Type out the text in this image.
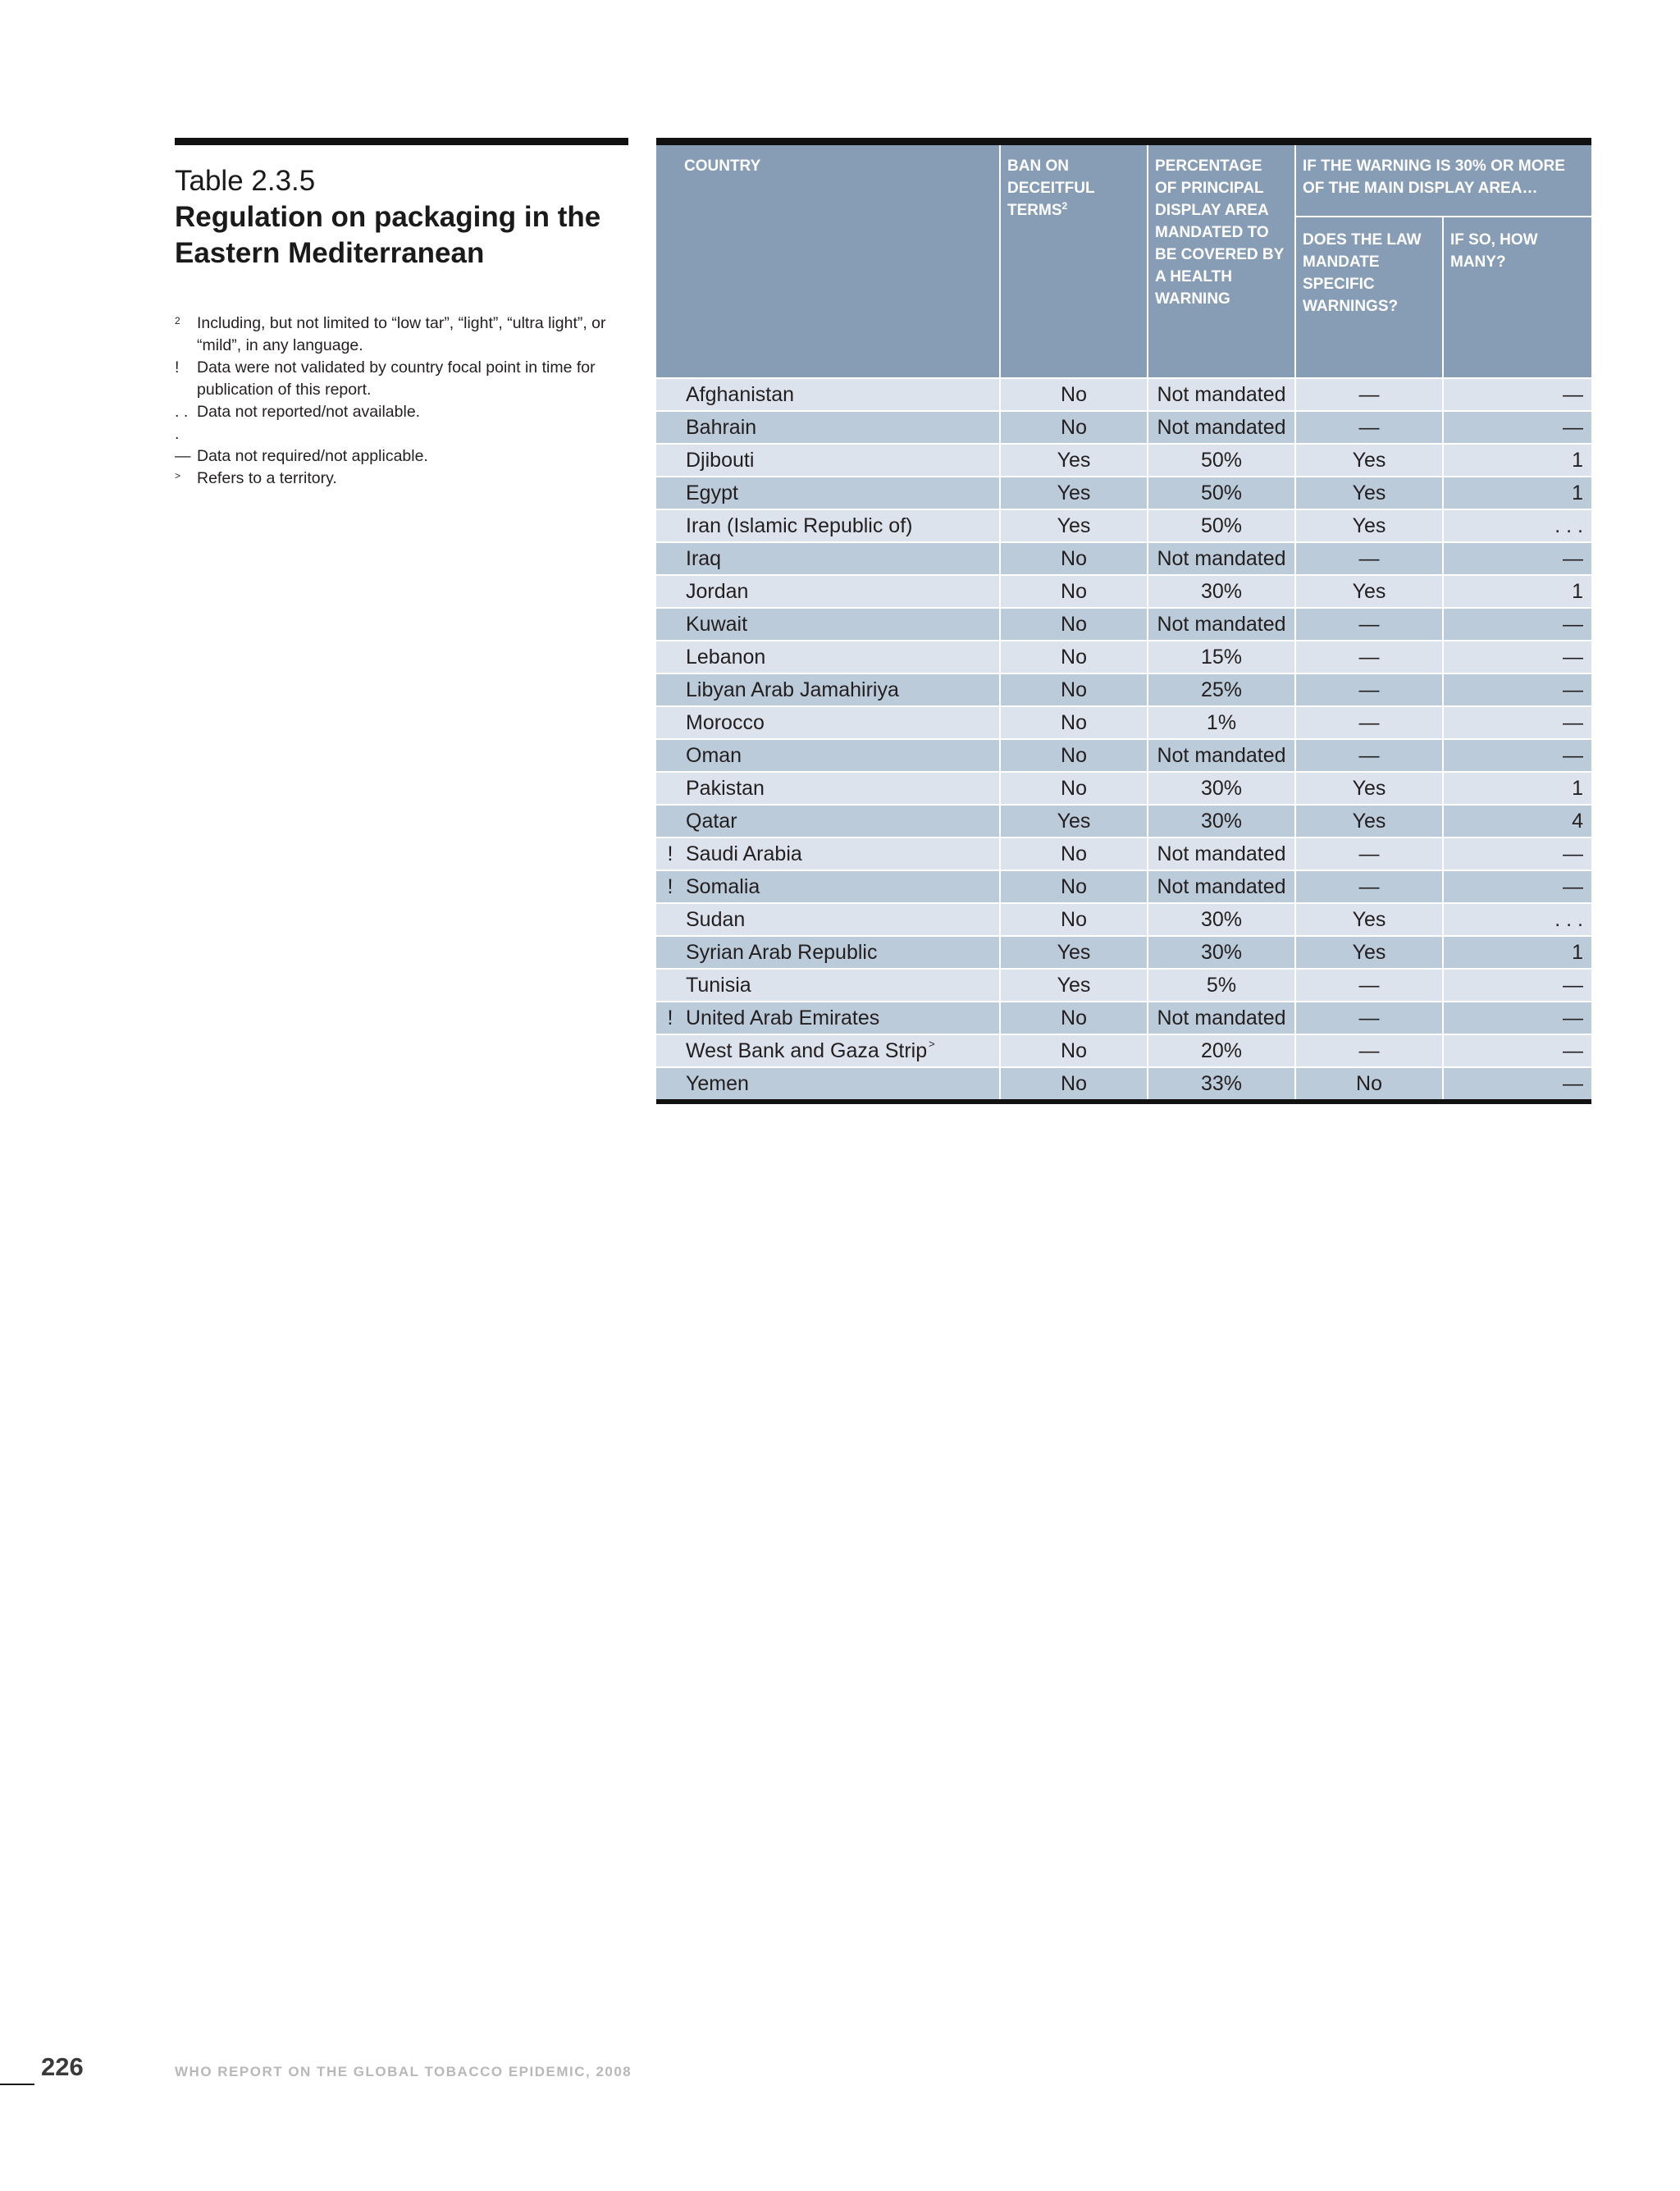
Table 2.3.5
Regulation on packaging in the
Eastern Mediterranean
2	Including, but not limited to “low tar”, “light”, “ultra light”, or “mild”, in any language.
!	Data were not validated by country focal point in time for publication of this report.
. . .
Data not reported/not available.
— Data not required/not applicable.
>	Refers to a territory.
COUNTRY		BAN ON DECEITFUL TERMS$^2$	PERCENTAGE OF PRINCIPAL DISPLAY AREA MANDATED TO BE COVERED BY A HEALTH WARNING	IF THE WARNING IS 30% OR MORE OF THE MAIN DISPLAY AREA…	
				DOES THE LAW MANDATE SPECIFIC WARNINGS?	IF SO, HOW MANY?
	Afghanistan	No	Not mandated	—	—
	Bahrain	No	Not mandated	—	—
	Djibouti	Yes	50%	Yes	1
	Egypt	Yes	50%	Yes	1
	Iran (Islamic Republic of)	Yes	50%	Yes	. . .
	Iraq	No	Not mandated	—	—
	Jordan	No	30%	Yes	1
	Kuwait	No	Not mandated	—	—
	Lebanon	No	15%	—	—
	Libyan Arab Jamahiriya	No	25%	—	—
	Morocco	No	1%	—	—
	Oman	No	Not mandated	—	—
	Pakistan	No	30%	Yes	1
	Qatar	Yes	30%	Yes	4
!	Saudi Arabia	No	Not mandated	—	—
!	Somalia	No	Not mandated	—	—
	Sudan	No	30%	Yes	. . .
	Syrian Arab Republic	Yes	30%	Yes	1
	Tunisia	Yes	5%	—	—
!	United Arab Emirates	No	Not mandated	—	—
	West Bank and Gaza Strip >	No	20%	—	—
	Yemen	No	33%	No	—
226	WHO REPORT ON THE GLOBAL TOBACCO EPIDEMIC, 2008
